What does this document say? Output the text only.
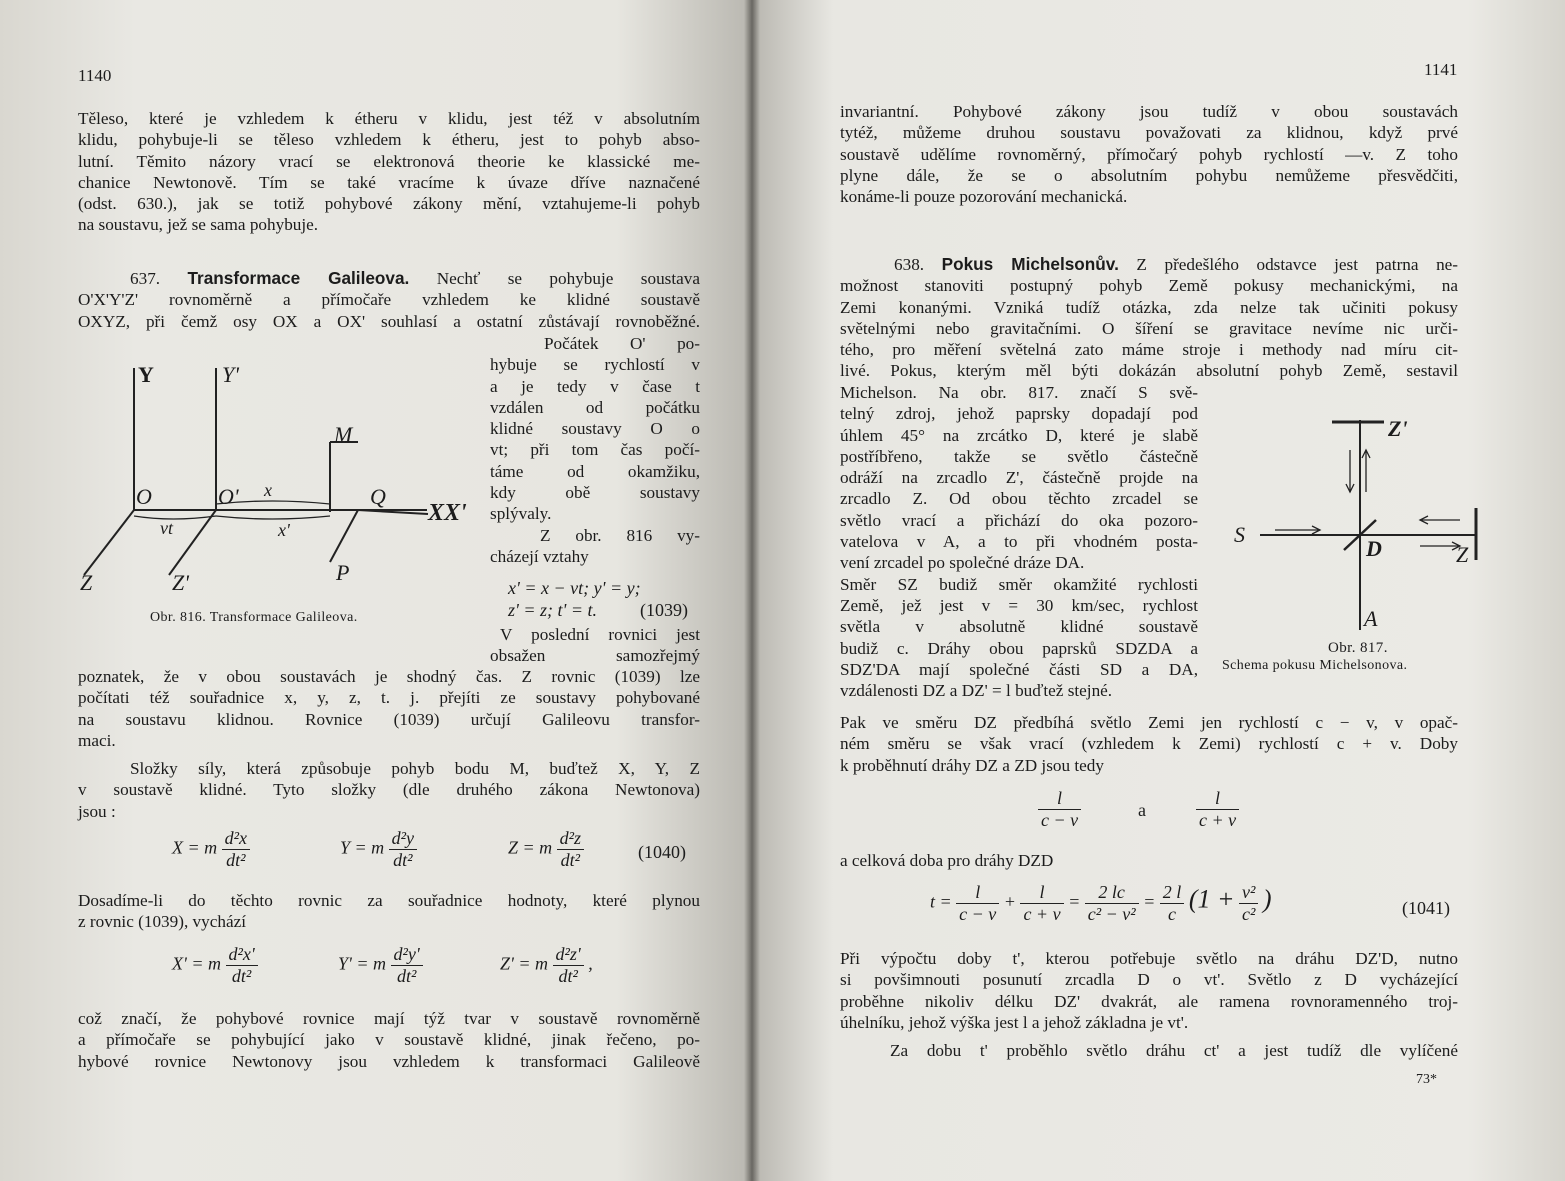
1140
Těleso, které je vzhledem k étheru v klidu, jest též v absolutním
klidu, pohybuje-li se těleso vzhledem k étheru, jest to pohyb abso-
lutní. Těmito názory vrací se elektronová theorie ke klassické me-
chanice Newtonově. Tím se také vracíme k úvaze dříve naznačené
(odst. 630.), jak se totiž pohybové zákony mění, vztahujeme-li pohyb
na soustavu, jež se sama pohybuje.
637. Transformace Galileova. Nechť se pohybuje soustava
O'X'Y'Z' rovnoměrně a přímočaře vzhledem ke klidné soustavě
OXYZ, při čemž osy OX a OX' souhlasí a ostatní zůstávají rovnoběžné.
Y	Y'
M
O	O' x	Q
XX'
vt	x'
Z	Z'	P
Obr. 816. Transformace Galileova.
Počátek O' po-
hybuje se rychlostí v
a je tedy v čase t
vzdálen od počátku
klidné soustavy O o
vt; při tom čas počí-
táme od okamžiku,
kdy obě soustavy
splývaly.
Z obr. 816 vy-
cházejí vztahy
x' = x − vt; y' = y;
z' = z; t' = t. (1039)
V poslední rovnici jest
obsažen samozřejmý
poznatek, že v obou soustavách je shodný čas. Z rovnic (1039) lze
počítati též souřadnice x, y, z, t. j. přejíti ze soustavy pohybované
na soustavu klidnou. Rovnice (1039) určují Galileovu transfor-
maci.
Složky síly, která způsobuje pohyb bodu M, buďtež X, Y, Z
v soustavě klidné. Tyto složky (dle druhého zákona Newtonova)
jsou :
X = m $\frac{\text{d²x}}{\text{dt²}}$	Y = m $\frac{\text{d²y}}{\text{dt²}}$	Z = m $\frac{\text{d²z}}{\text{dt²}}$	(1040)
Dosadíme-li do těchto rovnic za souřadnice hodnoty, které plynou
z rovnic (1039), vychází
X' = m $\frac{\text{d²x'}}{\text{dt²}}$	Y' = m $\frac{\text{d²y'}}{\text{dt²}}$	Z' = m $\frac{\text{d²z'}}{\text{dt²}}$ ,
což značí, že pohybové rovnice mají týž tvar v soustavě rovnoměrně
a přímočaře se pohybující jako v soustavě klidné, jinak řečeno, po-
hybové rovnice Newtonovy jsou vzhledem k transformaci Galileově
1141
invariantní. Pohybové zákony jsou tudíž v obou soustavách
tytéž, můžeme druhou soustavu považovati za klidnou, když prvé
soustavě udělíme rovnoměrný, přímočarý pohyb rychlostí —v. Z toho
plyne dále, že se o absolutním pohybu nemůžeme přesvědčiti,
konáme-li pouze pozorování mechanická.
638. Pokus Michelsonův. Z předešlého odstavce jest patrna ne-
možnost stanoviti postupný pohyb Země pokusy mechanickými, na
Zemi konanými. Vzniká tudíž otázka, zda nelze tak učiniti pokusy
světelnými nebo gravitačními. O šíření se gravitace nevíme nic urči-
tého, pro měření světelná zato máme stroje i methody nad míru cit-
livé. Pokus, kterým měl býti dokázán absolutní pohyb Země, sestavil
Michelson. Na obr. 817. značí S svě-
telný zdroj, jehož paprsky dopadají pod
úhlem 45° na zrcátko D, které je slabě
postříbřeno, takže se světlo částečně
odráží na zrcadlo Z', částečně projde na
zrcadlo Z. Od obou těchto zrcadel se
světlo vrací a přichází do oka pozoro-
vatelova v A, a to při vhodném posta-
vení zrcadel po společné dráze DA.
Směr SZ budiž směr okamžité rychlosti
Země, jež jest v = 30 km/sec, rychlost
světla v absolutně klidné soustavě
budiž c. Dráhy obou paprsků SDZDA a
SDZ'DA mají společné části SD a DA,
vzdálenosti DZ a DZ' = l buďtež stejné.
Z'
S
D	Z
A
Obr. 817.
Schema pokusu Michelsonova.
Pak ve směru DZ předbíhá světlo Zemi jen rychlostí c − v, v opač-
ném směru se však vrací (vzhledem k Zemi) rychlostí c + v. Doby
k proběhnutí dráhy DZ a ZD jsou tedy
$\frac{l}{c - v}$	a	$\frac{l}{c + v}$
a celková doba pro dráhy DZD
$t = \frac{l}{c - v} + \frac{l}{c + v} = \frac{2 lc}{\text{c² − v²}} = \frac{2 l}{c} (1 + \frac{\text{v²}}{\text{c²}}$ )	(1041)
Při výpočtu doby t', kterou potřebuje světlo na dráhu DZ'D, nutno
si povšimnouti posunutí zrcadla D o vt'. Světlo z D vycházející
proběhne nikoliv délku DZ' dvakrát, ale ramena rovnoramenného troj-
úhelníku, jehož výška jest l a jehož základna je vt'.
Za dobu t' proběhlo světlo dráhu ct' a jest tudíž dle vylíčené
73*
